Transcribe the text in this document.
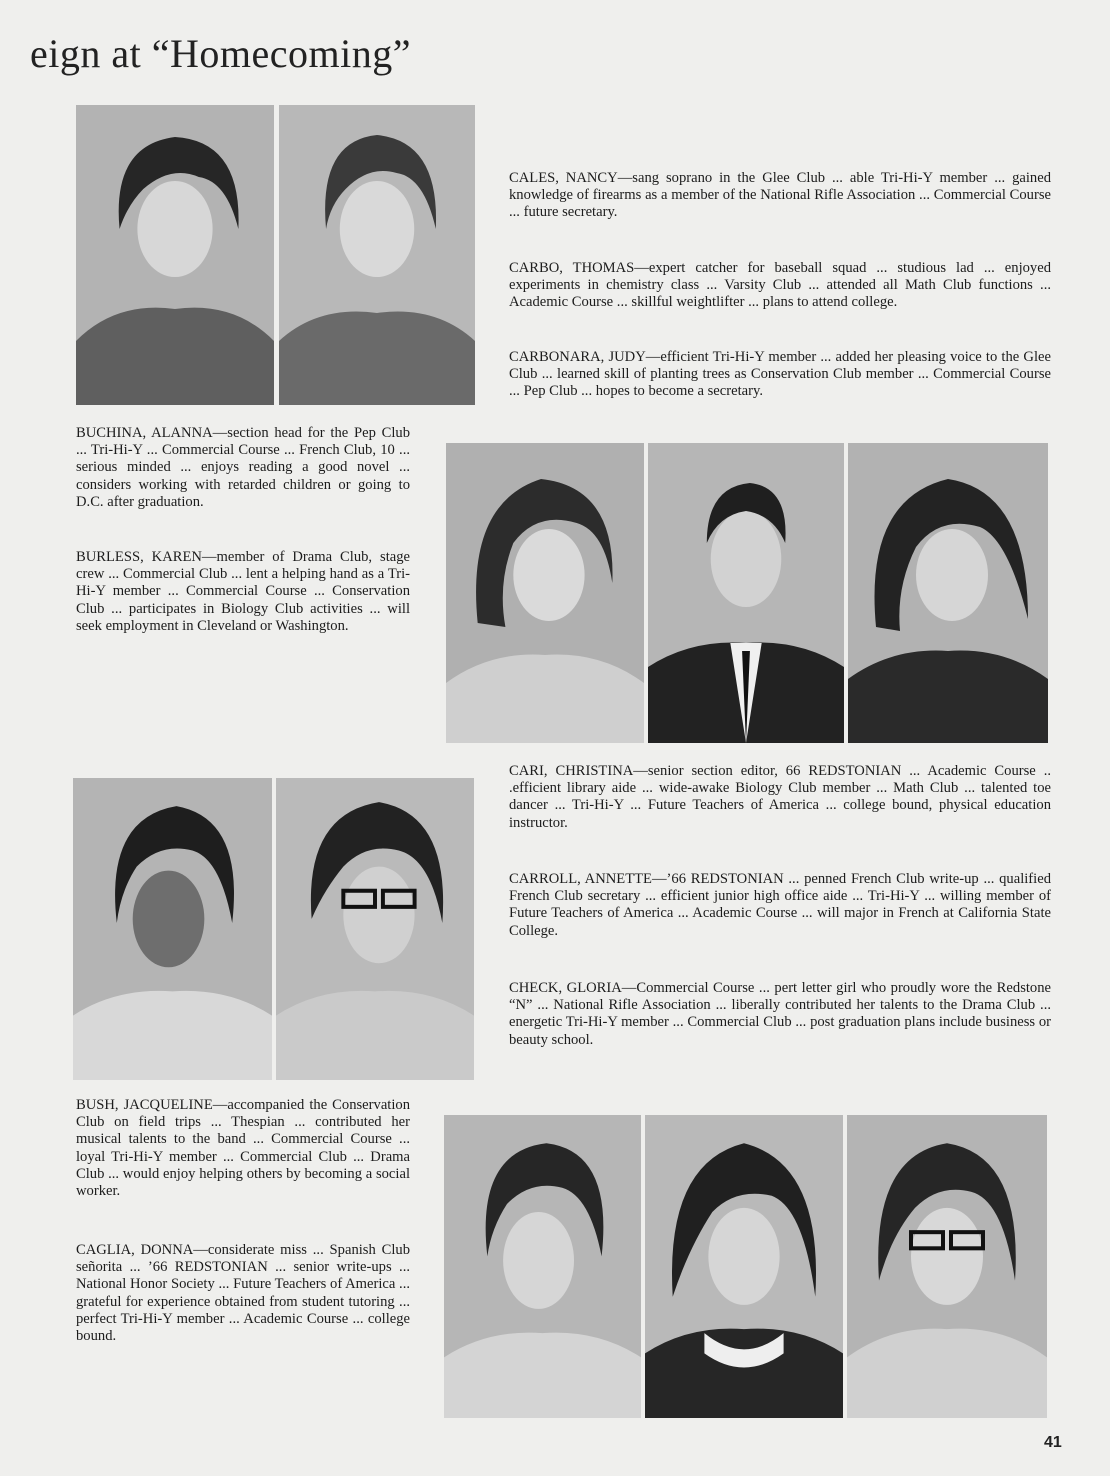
eign at “Homecoming”

BUCHINA, ALANNA—section head for the Pep Club ... Tri-Hi-Y ... Commercial Course ... French Club, 10 ... serious minded ... enjoys reading a good novel ... considers working with retarded children or going to D.C. after graduation.

BURLESS, KAREN—member of Drama Club, stage crew ... Commercial Club ... lent a helping hand as a Tri-Hi-Y member ... Commercial Course ... Conservation Club ... participates in Biology Club activities ... will seek employment in Cleveland or Washington.

CALES, NANCY—sang soprano in the Glee Club ... able Tri-Hi-Y member ... gained knowledge of firearms as a member of the National Rifle Association ... Commercial Course ... future secretary.

CARBO, THOMAS—expert catcher for baseball squad ... studious lad ... enjoyed experiments in chemistry class ... Varsity Club ... attended all Math Club functions ... Academic Course ... skillful weightlifter ... plans to attend college.

CARBONARA, JUDY—efficient Tri-Hi-Y member ... added her pleasing voice to the Glee Club ... learned skill of planting trees as Conservation Club member ... Commercial Course ... Pep Club ... hopes to become a secretary.

CARI, CHRISTINA—senior section editor, 66 REDSTONIAN ... Academic Course .. .efficient library aide ... wide-awake Biology Club member ... Math Club ... talented toe dancer ... Tri-Hi-Y ... Future Teachers of America ... college bound, physical education instructor.

CARROLL, ANNETTE—’66 REDSTONIAN ... penned French Club write-up ... qualified French Club secretary ... efficient junior high office aide ... Tri-Hi-Y ... willing member of Future Teachers of America ... Academic Course ... will major in French at California State College.

CHECK, GLORIA—Commercial Course ... pert letter girl who proudly wore the Redstone “N” ... National Rifle Association ... liberally contributed her talents to the Drama Club ... energetic Tri-Hi-Y member ... Commercial Club ... post graduation plans include business or beauty school.

BUSH, JACQUELINE—accompanied the Conservation Club on field trips ... Thespian ... contributed her musical talents to the band ... Commercial Course ... loyal Tri-Hi-Y member ... Commercial Club ... Drama Club ... would enjoy helping others by becoming a social worker.

CAGLIA, DONNA—considerate miss ... Spanish Club señorita ... ’66 REDSTONIAN ... senior write-ups ... National Honor Society ... Future Teachers of America ... grateful for experience obtained from student tutoring ... perfect Tri-Hi-Y member ... Academic Course ... college bound.

41
